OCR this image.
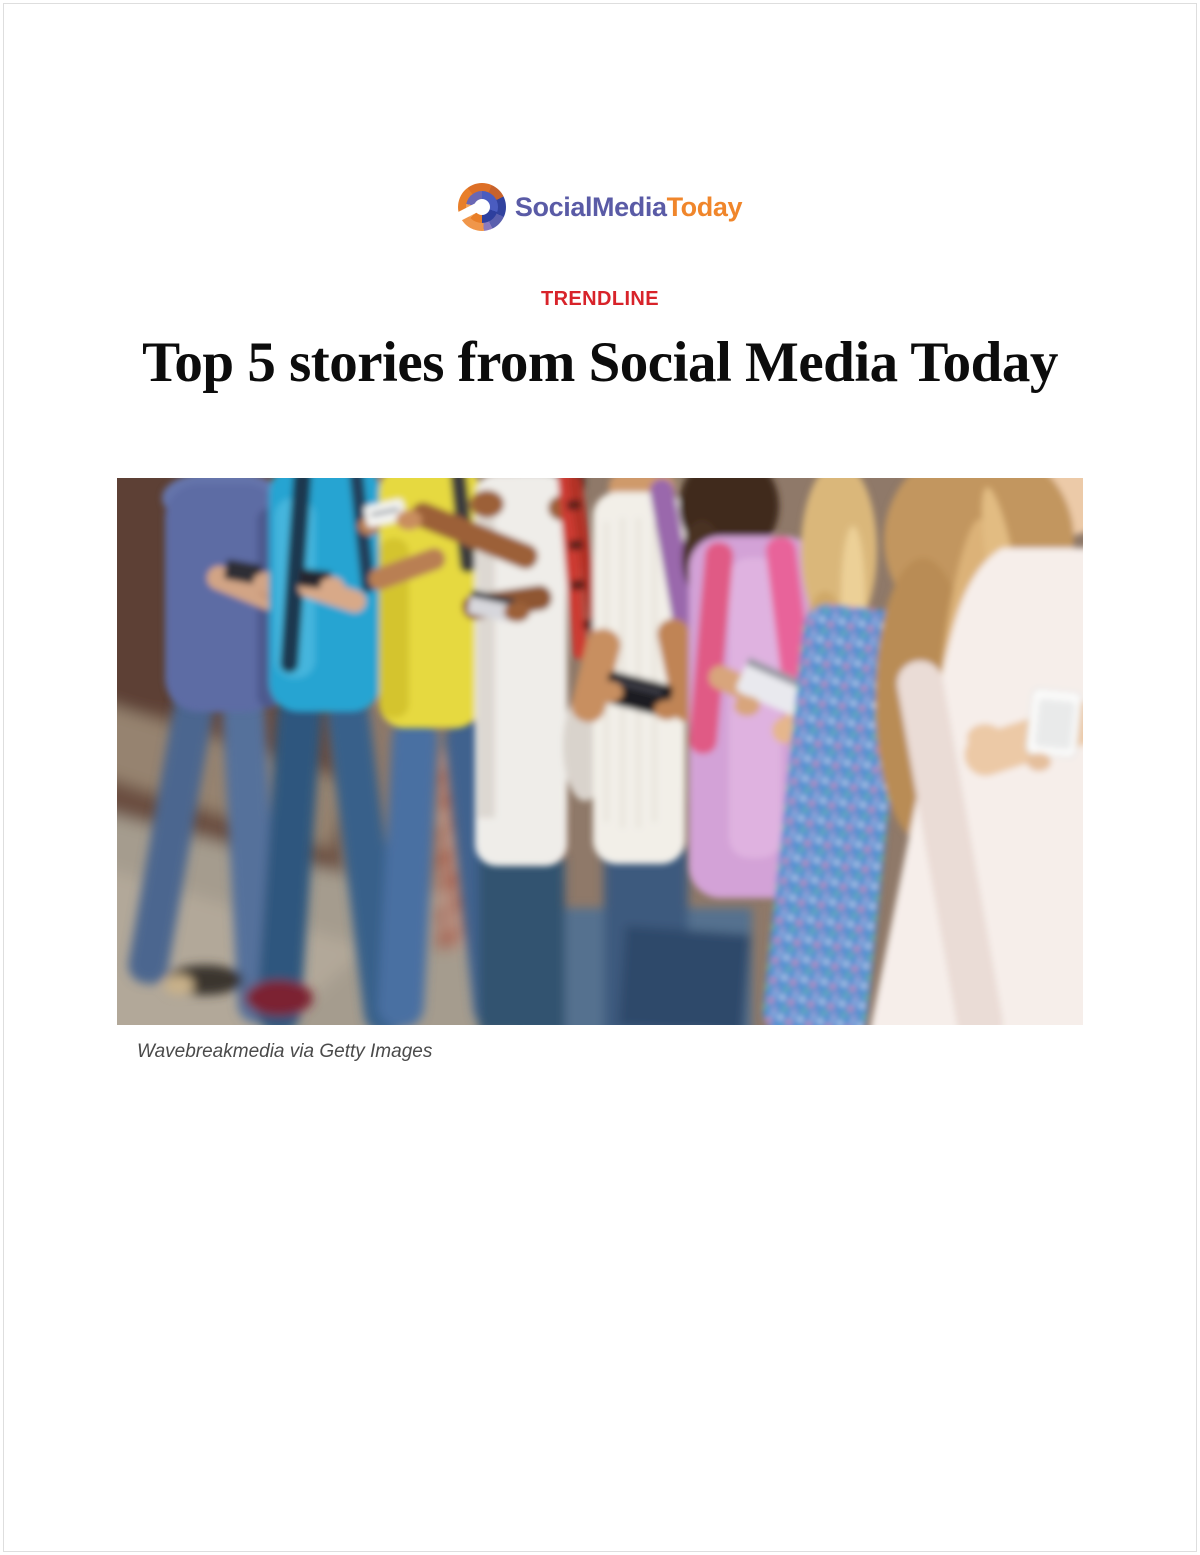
SocialMediaToday
TRENDLINE
Top 5 stories from Social Media Today
Wavebreakmedia via Getty Images
